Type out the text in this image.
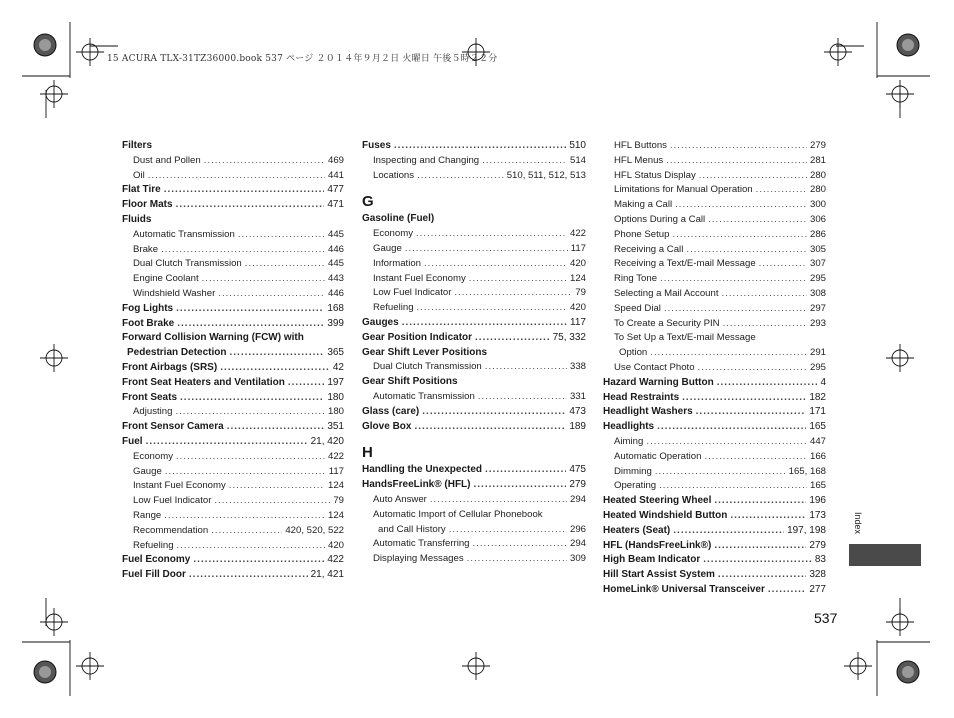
15 ACURA TLX-31TZ36000.book 537 ページ ２０１４年９月２日 火曜日 午後５時２２分
Filters
Dust and Pollen .....	469
Oil .....	441
Flat Tire .....	477
Floor Mats .....	471
Fluids
Automatic Transmission .....	445
Brake .....	446
Dual Clutch Transmission .....	445
Engine Coolant .....	443
Windshield Washer .....	446
Fog Lights .....	168
Foot Brake .....	399
Forward Collision Warning (FCW) with
Pedestrian Detection .....	365
Front Airbags (SRS) .....	42
Front Seat Heaters and Ventilation .....	197
Front Seats .....	180
Adjusting .....	180
Front Sensor Camera .....	351
Fuel .....	21, 420
Economy .....	422
Gauge .....	117
Instant Fuel Economy .....	124
Low Fuel Indicator .....	79
Range .....	124
Recommendation .....	420, 520, 522
Refueling .....	420
Fuel Economy .....	422
Fuel Fill Door .....	21, 421
Fuses .....	510
Inspecting and Changing .....	514
Locations .....	510, 511, 512, 513
G
Gasoline (Fuel)
Economy .....	422
Gauge .....	117
Information .....	420
Instant Fuel Economy .....	124
Low Fuel Indicator .....	79
Refueling .....	420
Gauges .....	117
Gear Position Indicator .....	75, 332
Gear Shift Lever Positions
Dual Clutch Transmission .....	338
Gear Shift Positions
Automatic Transmission .....	331
Glass (care) .....	473
Glove Box .....	189
H
Handling the Unexpected .....	475
HandsFreeLink® (HFL) .....	279
Auto Answer .....	294
Automatic Import of Cellular Phonebook
and Call History .....	296
Automatic Transferring .....	294
Displaying Messages .....	309
HFL Buttons .....	279
HFL Menus .....	281
HFL Status Display .....	280
Limitations for Manual Operation .....	280
Making a Call .....	300
Options During a Call .....	306
Phone Setup .....	286
Receiving a Call .....	305
Receiving a Text/E-mail Message .....	307
Ring Tone .....	295
Selecting a Mail Account .....	308
Speed Dial .....	297
To Create a Security PIN .....	293
To Set Up a Text/E-mail Message
Option .....	291
Use Contact Photo .....	295
Hazard Warning Button .....	4
Head Restraints .....	182
Headlight Washers .....	171
Headlights .....	165
Aiming .....	447
Automatic Operation .....	166
Dimming .....	165, 168
Operating .....	165
Heated Steering Wheel .....	196
Heated Windshield Button .....	173
Heaters (Seat) .....	197, 198
HFL (HandsFreeLink®) .....	279
High Beam Indicator .....	83
Hill Start Assist System .....	328
HomeLink® Universal Transceiver .....	277
Index
537
